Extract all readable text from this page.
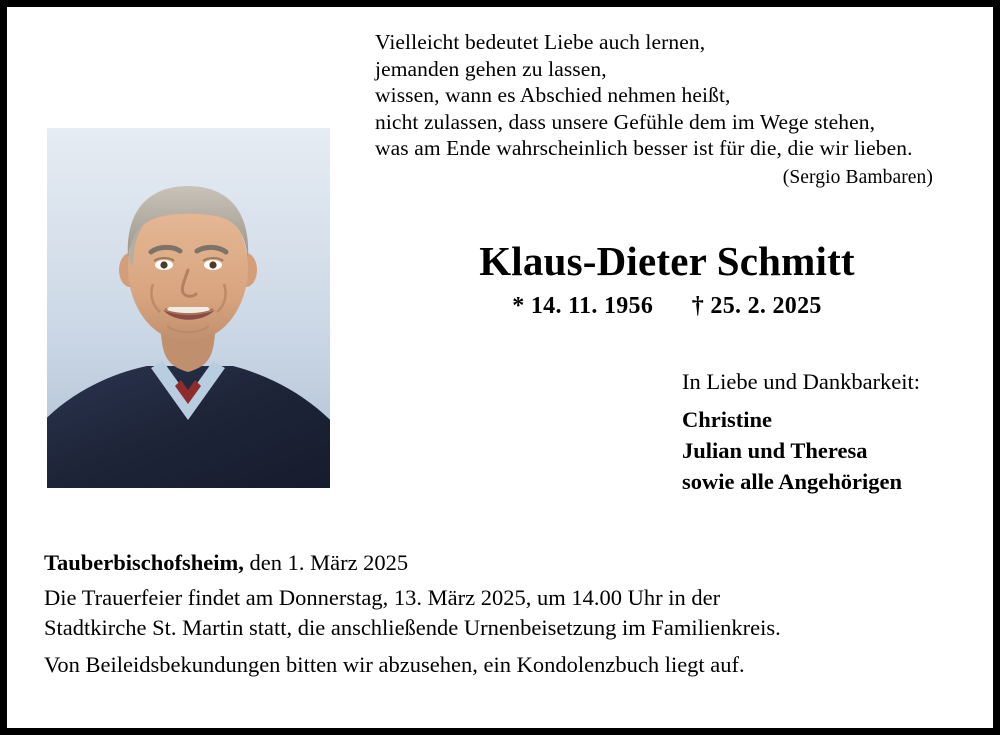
Vielleicht bedeutet Liebe auch lernen,
jemanden gehen zu lassen,
wissen, wann es Abschied nehmen heißt,
nicht zulassen, dass unsere Gefühle dem im Wege stehen,
was am Ende wahrscheinlich besser ist für die, die wir lieben.
(Sergio Bambaren)
Klaus-Dieter Schmitt
* 14. 11. 1956 † 25. 2. 2025
In Liebe und Dankbarkeit:
Christine
Julian und Theresa
sowie alle Angehörigen
Tauberbischofsheim, den 1. März 2025
Die Trauerfeier findet am Donnerstag, 13. März 2025, um 14.00 Uhr in der
Stadtkirche St. Martin statt, die anschließende Urnenbeisetzung im Familienkreis.
Von Beileidsbekundungen bitten wir abzusehen, ein Kondolenzbuch liegt auf.
